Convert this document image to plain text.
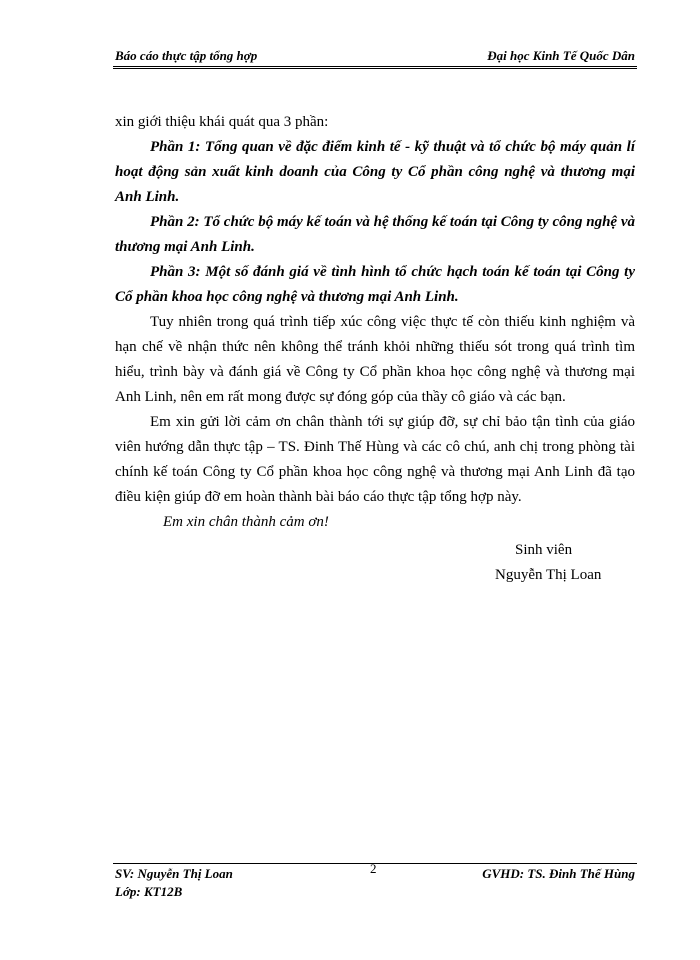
Báo cáo thực tập tổng hợp	Đại học Kinh Tế Quốc Dân

xin giới thiệu khái quát qua 3 phần:

Phần 1: Tổng quan về đặc điểm kinh tế - kỹ thuật và tổ chức bộ máy quản lí hoạt động sản xuất kinh doanh của Công ty Cổ phần công nghệ và thương mại Anh Linh.

Phần 2: Tổ chức bộ máy kế toán và hệ thống kế toán tại Công ty công nghệ và thương mại Anh Linh.

Phần 3: Một số đánh giá về tình hình tổ chức hạch toán kế toán tại Công ty Cổ phần khoa học công nghệ và thương mại Anh Linh.

Tuy nhiên trong quá trình tiếp xúc công việc thực tế còn thiếu kinh nghiệm và hạn chế về nhận thức nên không thể tránh khỏi những thiếu sót trong quá trình tìm hiểu, trình bày và đánh giá về Công ty Cổ phần khoa học công nghệ và thương mại Anh Linh, nên em rất mong được sự đóng góp của thầy cô giáo và các bạn.

Em xin gửi lời cảm ơn chân thành tới sự giúp đỡ, sự chỉ bảo tận tình của giáo viên hướng dẫn thực tập – TS. Đinh Thế Hùng và các cô chú, anh chị trong phòng tài chính kế toán Công ty Cổ phần khoa học công nghệ và thương mại Anh Linh đã tạo điều kiện giúp đỡ em hoàn thành bài báo cáo thực tập tổng hợp này.

Em xin chân thành cảm ơn!

Sinh viên

Nguyễn Thị Loan

2
SV: Nguyễn Thị Loan
Lớp: KT12B
GVHD: TS. Đinh Thế Hùng
